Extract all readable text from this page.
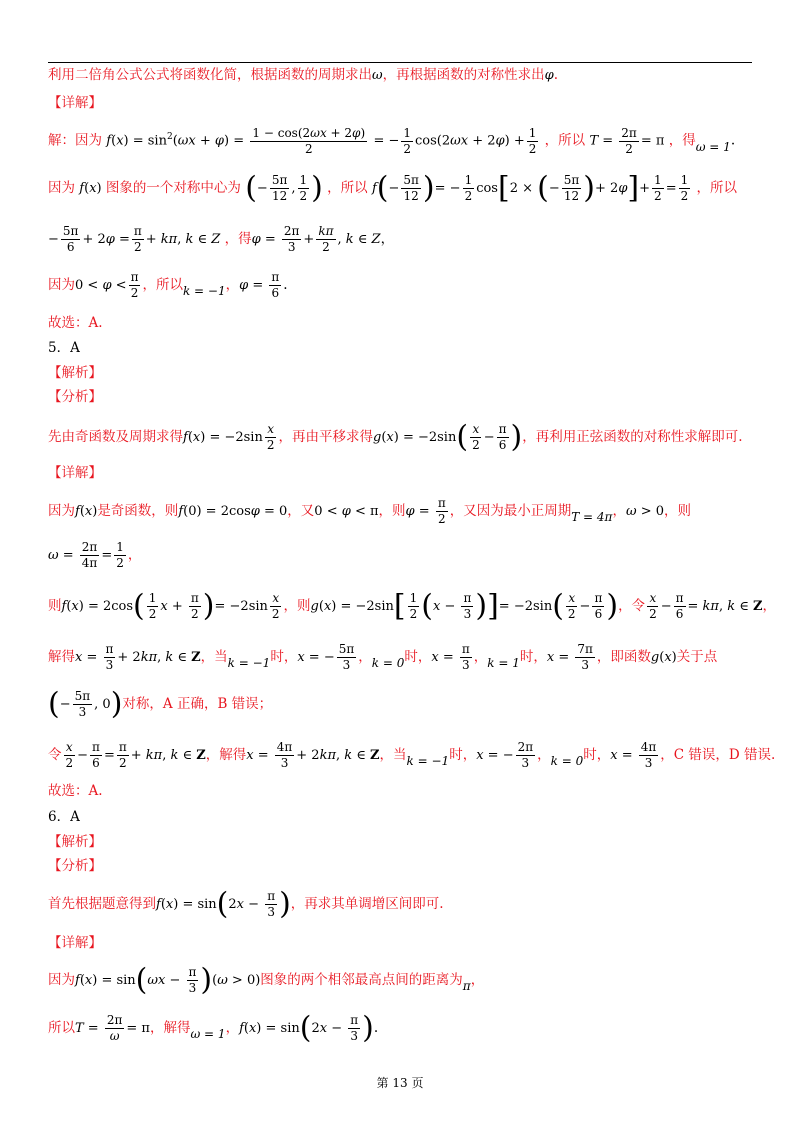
利用二倍角公式公式将函数化简，根据函数的周期求出ω，再根据函数的对称性求出φ.
【详解】
解：因为 $f(x) = \sin^2(\omega x + \varphi) = \frac{1 - \cos(2\omega x + 2\varphi)}{2}$ = − $\frac{1}{2} \cos(2\omega x + 2\varphi) + \frac{1}{2}$ ，所以 $T = \frac{2\pi}{2} = \pi$ ，得ω = 1.
因为 f(x) 图象的一个对称中心为 (− $\frac{5\pi}{12}$ , $\frac{1}{2}$ ) ，所以 $f(- \frac{5\pi}{12}$ )= − $\frac{1}{2} \cos[2$ × (− $\frac{5\pi}{12}$ )+ $2\varphi]+ \frac{1}{2} = \frac{1}{2}$ ，所以
− $\frac{5\pi}{6} + 2\varphi = \frac{\pi}{2} + k\pi$, k ∈ Z ，得$\varphi = \frac{2\pi}{3} + \frac{k\pi}{2}$ , k ∈ Z，
因为$0 < \varphi < \frac{\pi}{2}$ ，所以k = −1，$\varphi = \frac{\pi}{6}$ .
故选：A.
5．A
【解析】
【分析】
先由奇函数及周期求得$f(x) = -2\sin \frac{x}{2}$ ，再由平移求得$g(x) = -2\sin( \frac{x}{2} - \frac{\pi}{6}$ )，再利用正弦函数的对称性求解即可.
【详解】
因为f(x)是奇函数，则f(0) = 2cosφ = 0，又0 < φ < π，则$\varphi = \frac{\pi}{2}$ ，又因为最小正周期T = 4π，ω > 0，则
$\omega = \frac{2\pi}{4\pi} = \frac{1}{2}$ ，
则$f(x) = 2\cos( \frac{1}{2}$ $x + \frac{\pi}{2}$ )= $-2\sin \frac{x}{2}$ ，则$g(x) = -2\sin[ \frac{1}{2} (x - \frac{\pi}{3}$ )]= $-2\sin( \frac{x}{2} - \frac{\pi}{6}$ )，令 $\frac{x}{2} - \frac{\pi}{6} = k\pi$, k ∈ Z，
解得$x = \frac{\pi}{3} + 2k\pi$, k ∈ Z，当k = −1时，x = − $\frac{5\pi}{3}$ ，k = 0时，$x = \frac{\pi}{3}$ ，k = 1时，$x = \frac{7\pi}{3}$ ，即函数g(x)关于点
(− $\frac{5\pi}{3}$ , 0)对称，A 正确，B 错误；
令 $\frac{x}{2} - \frac{\pi}{6} = \frac{\pi}{2} + k\pi$, k ∈ Z，解得$x = \frac{4\pi}{3} + 2k\pi$, k ∈ Z，当k = −1时，x = − $\frac{2\pi}{3}$ ，k = 0时，$x = \frac{4\pi}{3}$ ，C 错误，D 错误.
故选：A.
6．A
【解析】
【分析】
首先根据题意得到$f(x) = \sin(2x - \frac{\pi}{3}$ )，再求其单调增区间即可.
【详解】
因为$f(x) = \sin(\omega x - \frac{\pi}{3} )(\omega > 0)$图象的两个相邻最高点间的距离为π，
所以$T = \frac{2\pi}{\omega} = \pi$，解得ω = 1，$f(x) = \sin(2x - \frac{\pi}{3}$ ).
第 13 页
